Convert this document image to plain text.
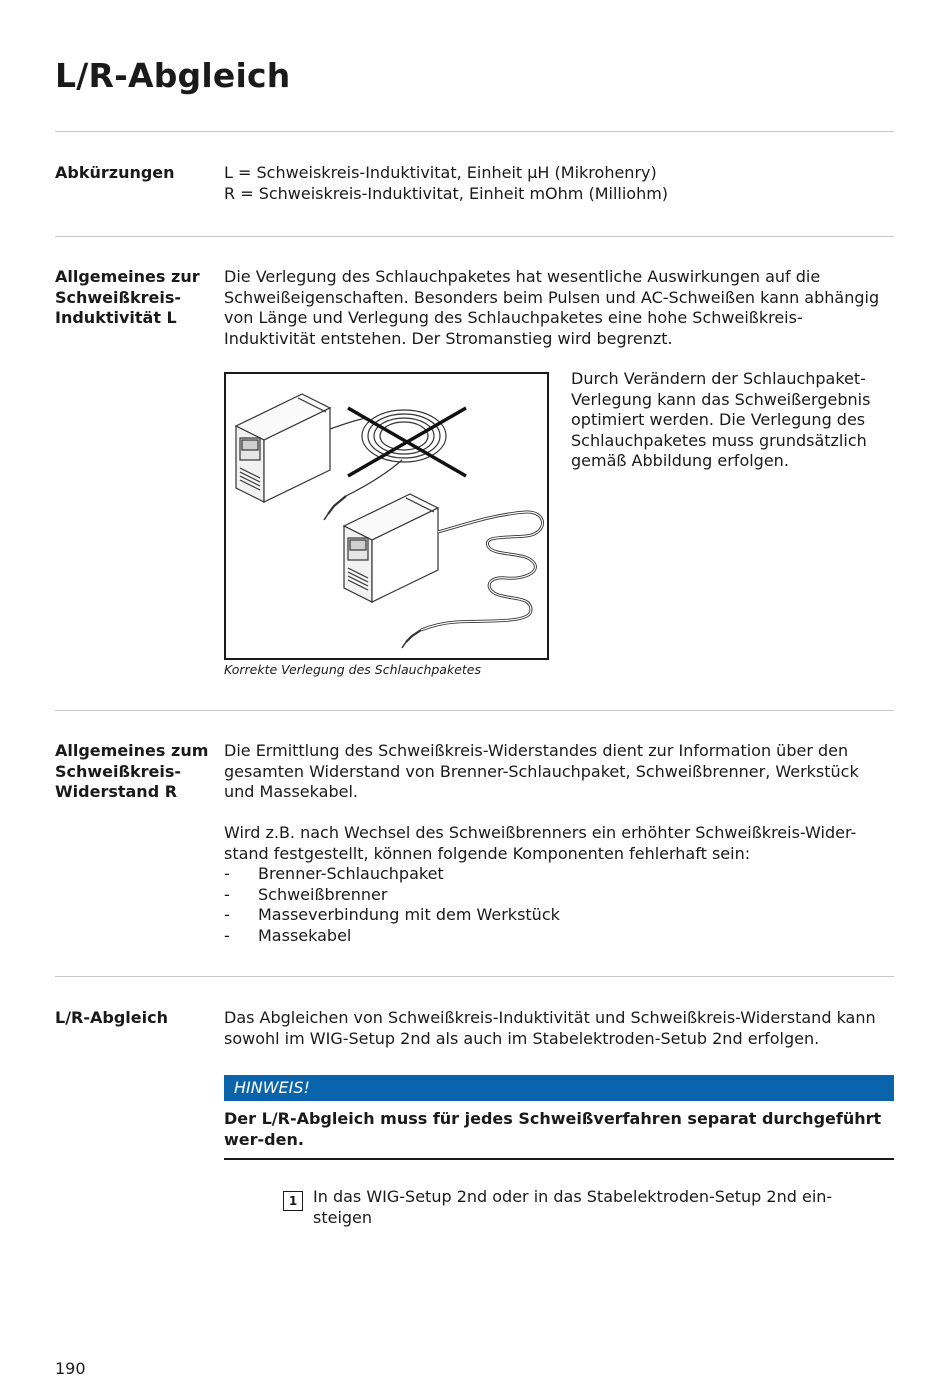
L/R-Abgleich
Abkürzungen	L = Schweiskreis-Induktivitat, Einheit μH (Mikrohenry)

R = Schweiskreis-Induktivitat, Einheit mOhm (Milliohm)

Allgemeines zur Schweißkreis-Induktivität L

Die Verlegung des Schlauchpaketes hat wesentliche Auswirkungen auf die Schweißeigenschaften. Besonders beim Pulsen und AC-Schweißen kann abhängig von Länge und Verlegung des Schlauchpaketes eine hohe Schweißkreis-Induktivität entstehen. Der Stromanstieg wird begrenzt.

Korrekte Verlegung des Schlauchpaketes
Durch Verändern der Schlauchpaket-Verlegung kann das Schweißergebnis optimiert werden. Die Verlegung des Schlauchpaketes muss grundsätzlich gemäß Abbildung erfolgen.
Allgemeines zum Schweißkreis-Widerstand R

Die Ermittlung des Schweißkreis-Widerstandes dient zur Information über den gesamten Widerstand von Brenner-Schlauchpaket, Schweißbrenner, Werkstück und Massekabel.

Wird z.B. nach Wechsel des Schweißbrenners ein erhöhter Schweißkreis-Wider-stand festgestellt, können folgende Komponenten fehlerhaft sein:

- Brenner-Schlauchpaket
- Schweißbrenner
- Masseverbindung mit dem Werkstück
- Massekabel
L/R-Abgleich	Das Abgleichen von Schweißkreis-Induktivität und Schweißkreis-Widerstand kann sowohl im WIG-Setup 2nd als auch im Stabelektroden-Setub 2nd erfolgen.

HINWEIS!
Der L/R-Abgleich muss für jedes Schweißverfahren separat durchgeführt wer-den.
1 In das WIG-Setup 2nd oder in das Stabelektroden-Setup 2nd ein-steigen
190
